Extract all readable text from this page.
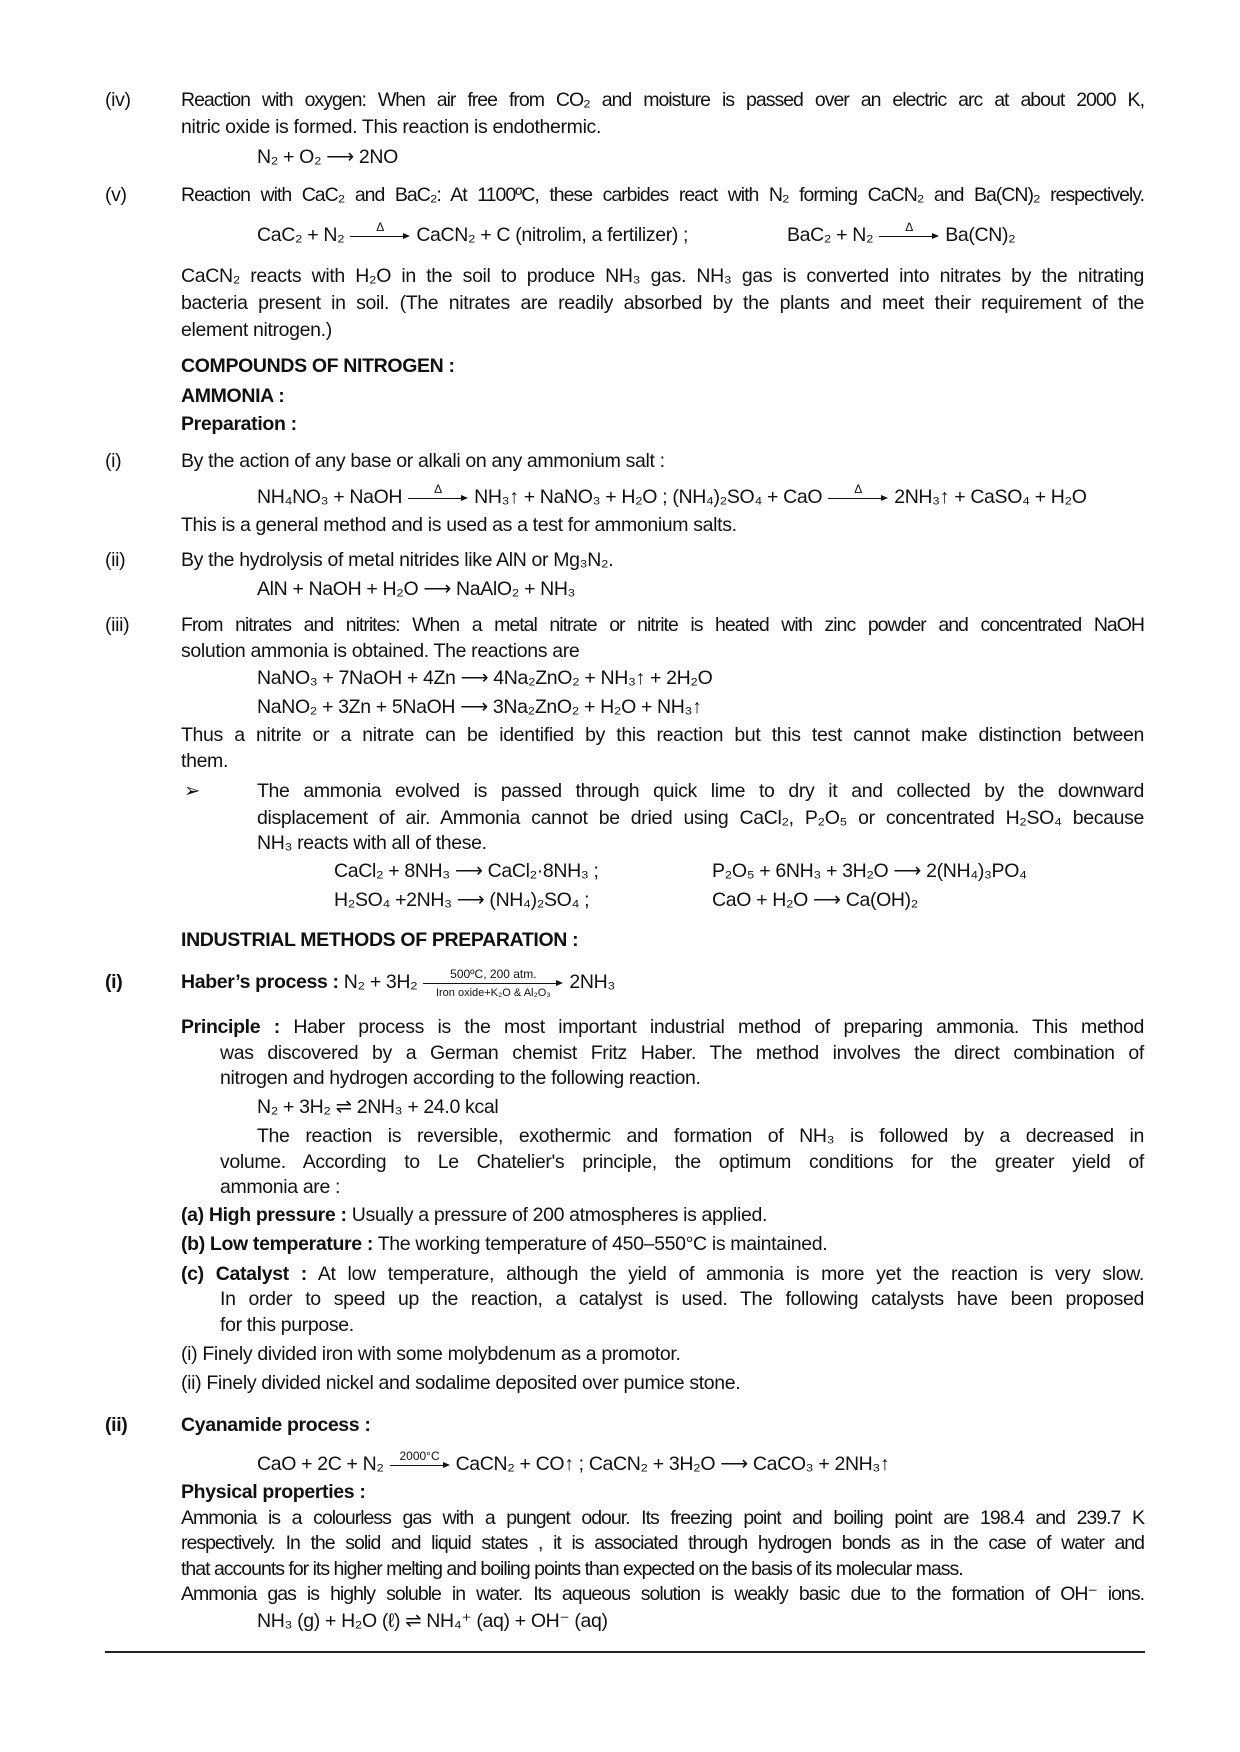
(iv)	Reaction with oxygen: When air free from CO₂ and moisture is passed over an electric arc at about 2000 K,
nitric oxide is formed. This reaction is endothermic.
N₂ + O₂ ⟶ 2NO
(v)	Reaction with CaC₂ and BaC₂: At 1100ºC, these carbides react with N₂ forming CaCN₂ and Ba(CN)₂ respectively.
CaC₂ + N₂	Δ	CaCN₂ + C (nitrolim, a fertilizer) ;	BaC₂ + N₂	Δ	Ba(CN)₂
CaCN₂ reacts with H₂O in the soil to produce NH₃ gas. NH₃ gas is converted into nitrates by the nitrating
bacteria present in soil. (The nitrates are readily absorbed by the plants and meet their requirement of the
element nitrogen.)
COMPOUNDS OF NITROGEN :
AMMONIA :
Preparation :
(i)	By the action of any base or alkali on any ammonium salt :
NH₄NO₃ + NaOH	Δ	NH₃↑ + NaNO₃ + H₂O ; (NH₄)₂SO₄ + CaO	Δ	2NH₃↑ + CaSO₄ + H₂O
This is a general method and is used as a test for ammonium salts.
(ii)	By the hydrolysis of metal nitrides like AlN or Mg₃N₂.
AlN + NaOH + H₂O ⟶ NaAlO₂ + NH₃
(iii)	From nitrates and nitrites: When a metal nitrate or nitrite is heated with zinc powder and concentrated NaOH
solution ammonia is obtained. The reactions are
NaNO₃ + 7NaOH + 4Zn ⟶ 4Na₂ZnO₂ + NH₃↑ + 2H₂O
NaNO₂ + 3Zn + 5NaOH ⟶ 3Na₂ZnO₂ + H₂O + NH₃↑
Thus a nitrite or a nitrate can be identified by this reaction but this test cannot make distinction between
them.
➢	The ammonia evolved is passed through quick lime to dry it and collected by the downward
displacement of air. Ammonia cannot be dried using CaCl₂, P₂O₅ or concentrated H₂SO₄ because
NH₃ reacts with all of these.
CaCl₂ + 8NH₃ ⟶ CaCl₂·8NH₃ ;	P₂O₅ + 6NH₃ + 3H₂O ⟶ 2(NH₄)₃PO₄
H₂SO₄ +2NH₃ ⟶ (NH₄)₂SO₄ ;	CaO + H₂O ⟶ Ca(OH)₂
INDUSTRIAL METHODS OF PREPARATION :
(i)	Haber’s process : N₂ + 3H₂	500ºC, 200 atm.
Iron oxide+K₂O & Al₂O₃ 2NH₃
Principle : Haber process is the most important industrial method of preparing ammonia. This method
was discovered by a German chemist Fritz Haber. The method involves the direct combination of
nitrogen and hydrogen according to the following reaction.
N₂ + 3H₂ ⇌ 2NH₃ + 24.0 kcal
The reaction is reversible, exothermic and formation of NH₃ is followed by a decreased in
volume. According to Le Chatelier's principle, the optimum conditions for the greater yield of
ammonia are :
(a) High pressure : Usually a pressure of 200 atmospheres is applied.
(b) Low temperature : The working temperature of 450–550°C is maintained.
(c) Catalyst : At low temperature, although the yield of ammonia is more yet the reaction is very slow.
In order to speed up the reaction, a catalyst is used. The following catalysts have been proposed
for this purpose.
(i) Finely divided iron with some molybdenum as a promotor.
(ii) Finely divided nickel and sodalime deposited over pumice stone.
(ii)	Cyanamide process :
CaO + 2C + N₂	2000°C CaCN₂ + CO↑ ; CaCN₂ + 3H₂O ⟶ CaCO₃ + 2NH₃↑
Physical properties :
Ammonia is a colourless gas with a pungent odour. Its freezing point and boiling point are 198.4 and 239.7 K
respectively. In the solid and liquid states , it is associated through hydrogen bonds as in the case of water and
that accounts for its higher melting and boiling points than expected on the basis of its molecular mass.
Ammonia gas is highly soluble in water. Its aqueous solution is weakly basic due to the formation of OH⁻ ions.
NH₃ (g) + H₂O (ℓ) ⇌ NH₄⁺ (aq) + OH⁻ (aq)
